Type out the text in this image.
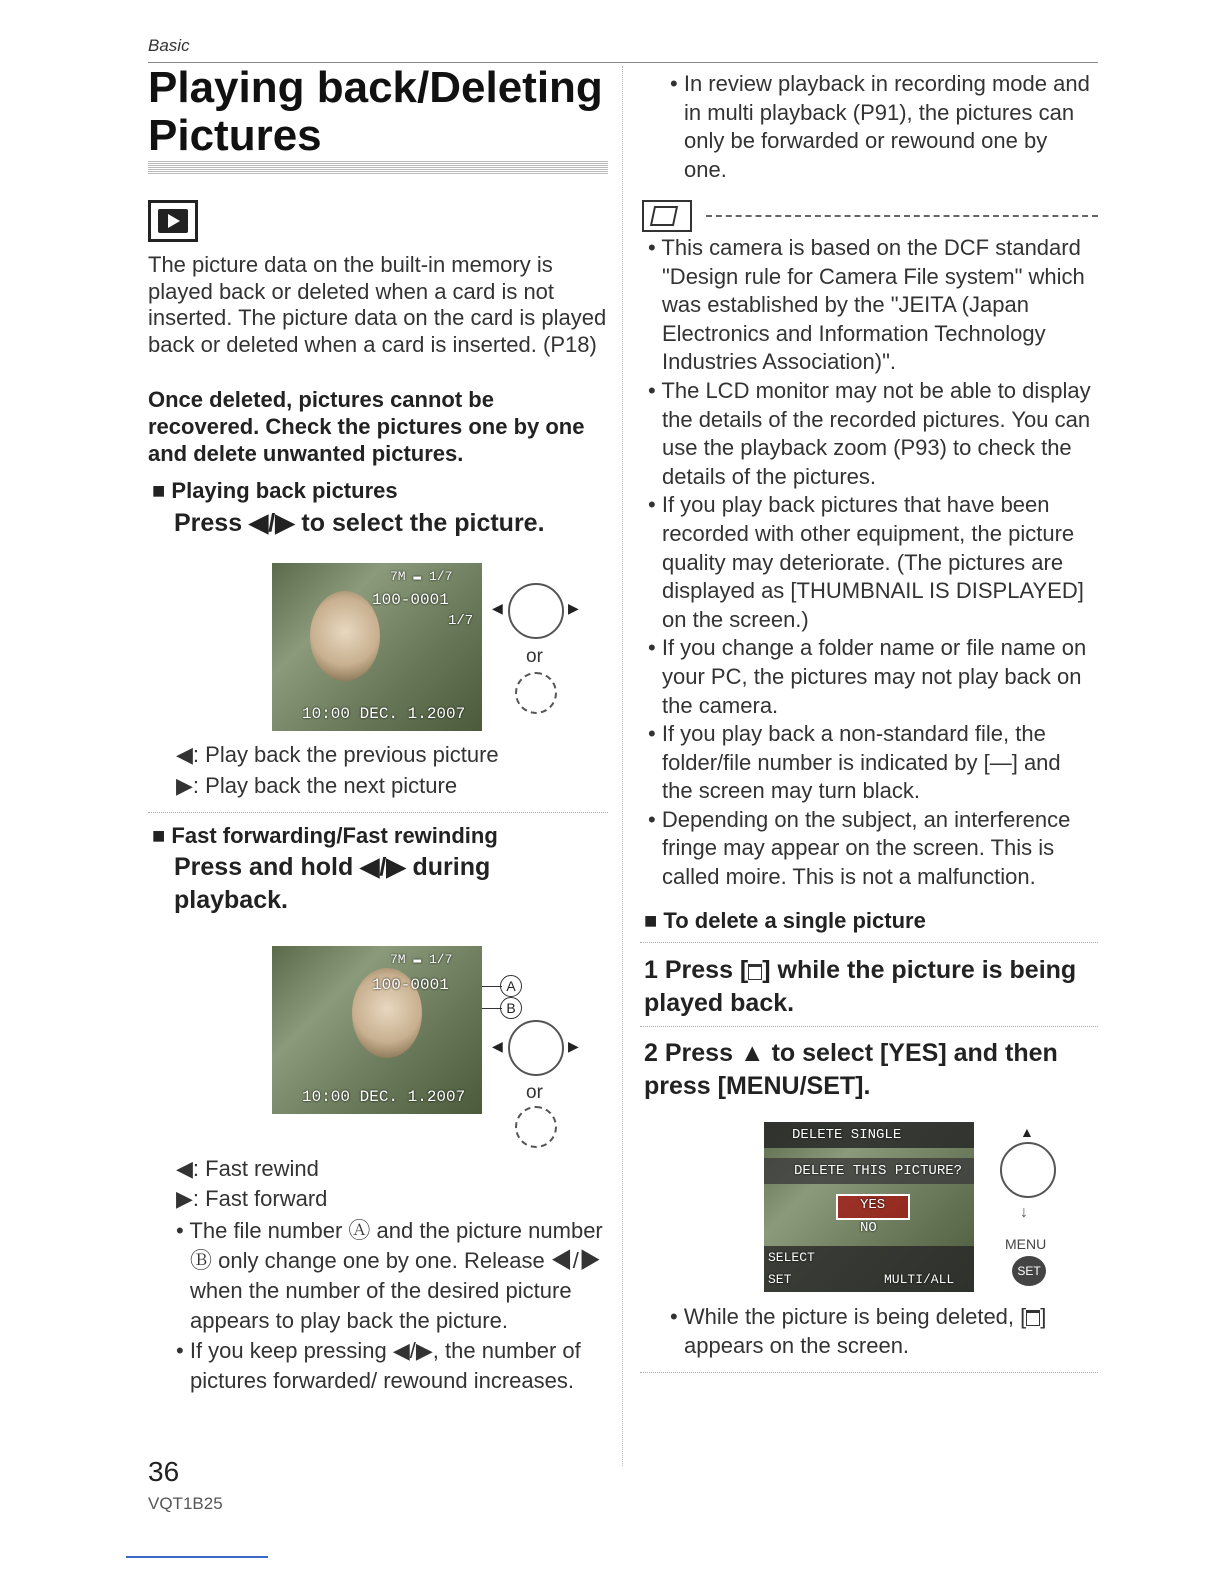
Basic
Playing back/Deleting
Pictures
The picture data on the built-in memory is played back or deleted when a card is not inserted. The picture data on the card is played back or deleted when a card is inserted. (P18)
Once deleted, pictures cannot be recovered. Check the pictures one by one and delete unwanted pictures.
■ Playing back pictures
Press ◀/▶ to select the picture.
7M ▬ 1/7
100-0001
1/7
10:00 DEC. 1.2007
◀	▶
or
◀: Play back the previous picture
▶: Play back the next picture
■ Fast forwarding/Fast rewinding
Press and hold ◀/▶ during playback.
7M ▬ 1/7
100-0001
10:00 DEC. 1.2007
A
B
◀	▶
or
◀: Fast rewind
▶: Fast forward
• The file number Ⓐ and the picture number Ⓑ only change one by one. Release ◀/▶ when the number of the desired picture appears to play back the picture.
• If you keep pressing ◀/▶, the number of pictures forwarded/ rewound increases.
36
VQT1B25
• In review playback in recording mode and in multi playback (P91), the pictures can only be forwarded or rewound one by one.
• This camera is based on the DCF standard "Design rule for Camera File system" which was established by the "JEITA (Japan Electronics and Information Technology Industries Association)".
• The LCD monitor may not be able to display the details of the recorded pictures. You can use the playback zoom (P93) to check the details of the pictures.
• If you play back pictures that have been recorded with other equipment, the picture quality may deteriorate. (The pictures are displayed as [THUMBNAIL IS DISPLAYED] on the screen.)
• If you change a folder name or file name on your PC, the pictures may not play back on the camera.
• If you play back a non-standard file, the folder/file number is indicated by [—] and the screen may turn black.
• Depending on the subject, an interference fringe may appear on the screen. This is called moire. This is not a malfunction.
■ To delete a single picture
1 Press [ ] while the picture is being played back.
2 Press ▲ to select [YES] and then press [MENU/SET].
DELETE SINGLE
DELETE THIS PICTURE?
YES
NO
SELECT
SET	MULTI/ALL
▲
↓
MENU
SET
• While the picture is being deleted, [ ] appears on the screen.
